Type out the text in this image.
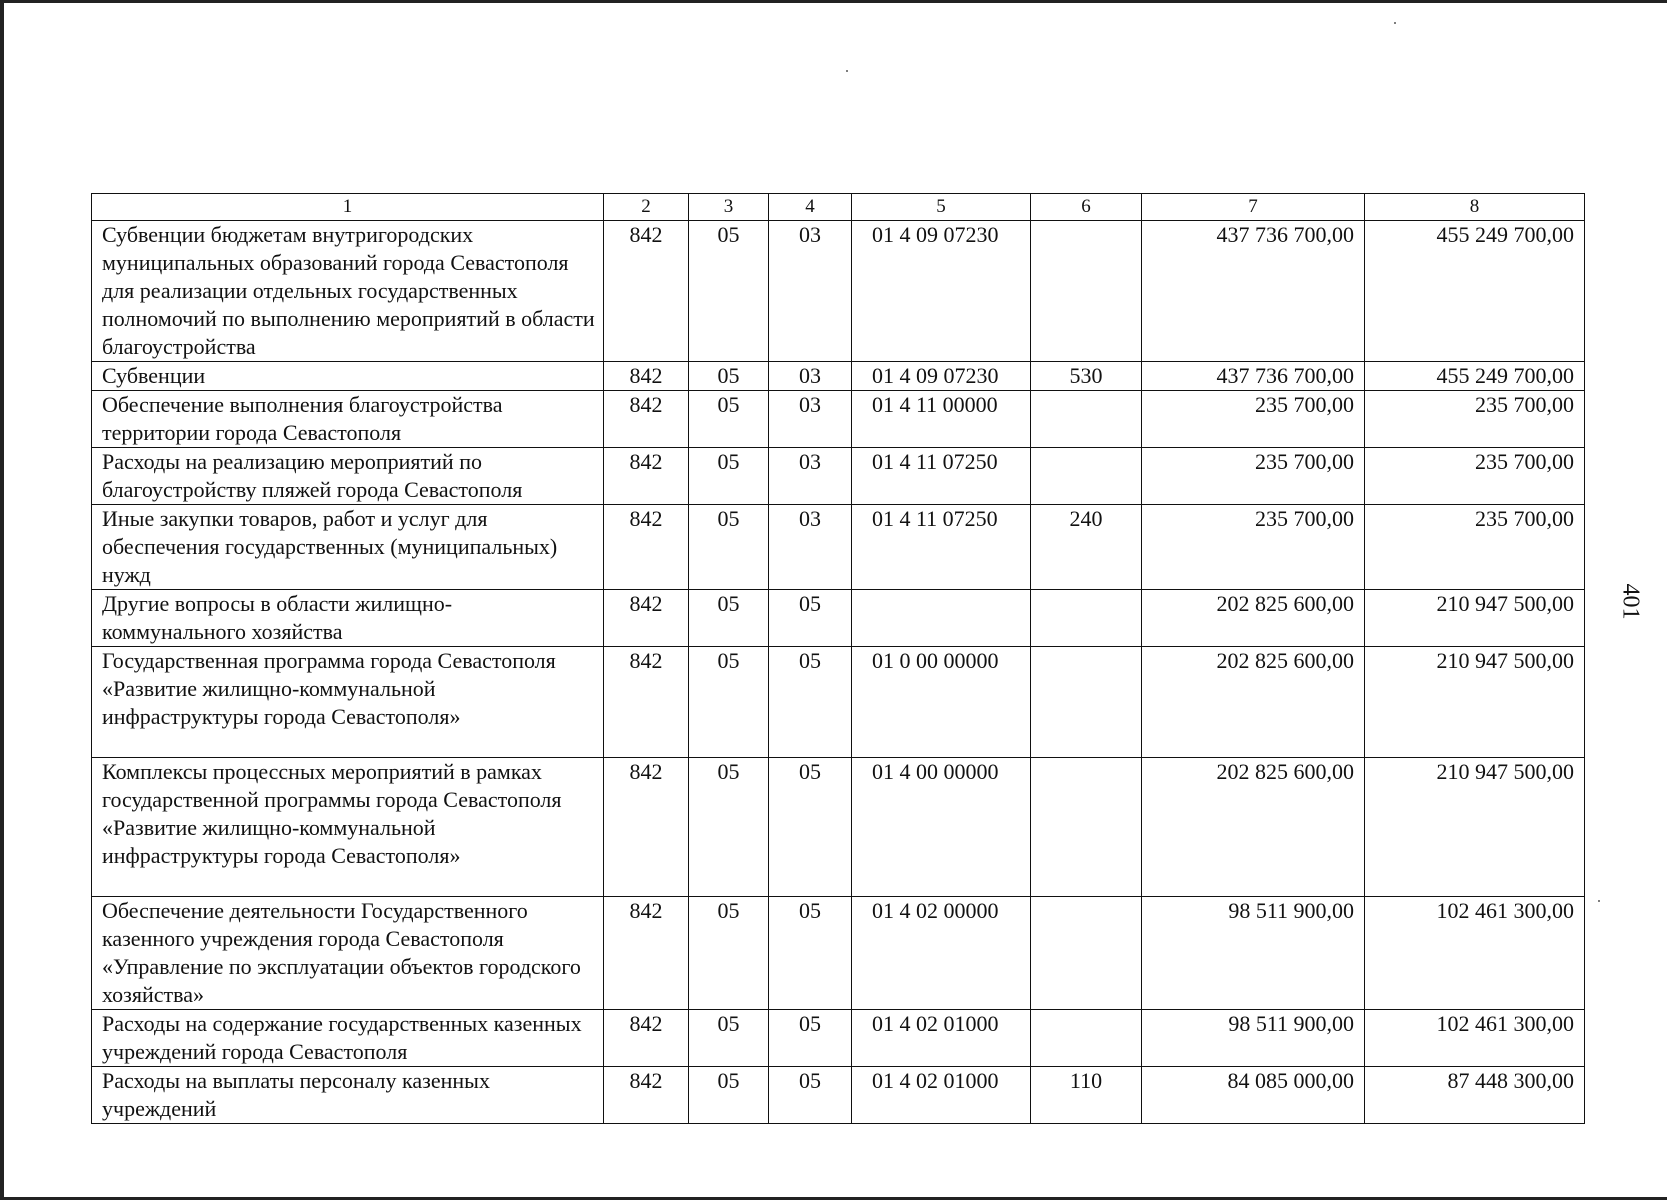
1	2	3	4	5	6	7	8
Субвенции бюджетам внутригородских муниципальных образований города Севастополя для реализации отдельных государственных полномочий по выполнению мероприятий в области благоустройства	842	05	03	01 4 09 07230		437 736 700,00	455 249 700,00
Субвенции	842	05	03	01 4 09 07230	530	437 736 700,00	455 249 700,00
Обеспечение выполнения благоустройства территории города Севастополя	842	05	03	01 4 11 00000		235 700,00	235 700,00
Расходы на реализацию мероприятий по благоустройству пляжей города Севастополя	842	05	03	01 4 11 07250		235 700,00	235 700,00
Иные закупки товаров, работ и услуг для обеспечения государственных (муниципальных) нужд	842	05	03	01 4 11 07250	240	235 700,00	235 700,00
Другие вопросы в области жилищно-коммунального хозяйства	842	05	05			202 825 600,00	210 947 500,00
Государственная программа города Севастополя «Развитие жилищно-коммунальной инфраструктуры города Севастополя»	842	05	05	01 0 00 00000		202 825 600,00	210 947 500,00
Комплексы процессных мероприятий в рамках государственной программы города Севастополя «Развитие жилищно-коммунальной инфраструктуры города Севастополя»	842	05	05	01 4 00 00000		202 825 600,00	210 947 500,00
Обеспечение деятельности Государственного казенного учреждения города Севастополя «Управление по эксплуатации объектов городского хозяйства»	842	05	05	01 4 02 00000		98 511 900,00	102 461 300,00
Расходы на содержание государственных казенных учреждений города Севастополя	842	05	05	01 4 02 01000		98 511 900,00	102 461 300,00
Расходы на выплаты персоналу казенных учреждений	842	05	05	01 4 02 01000	110	84 085 000,00	87 448 300,00
401
